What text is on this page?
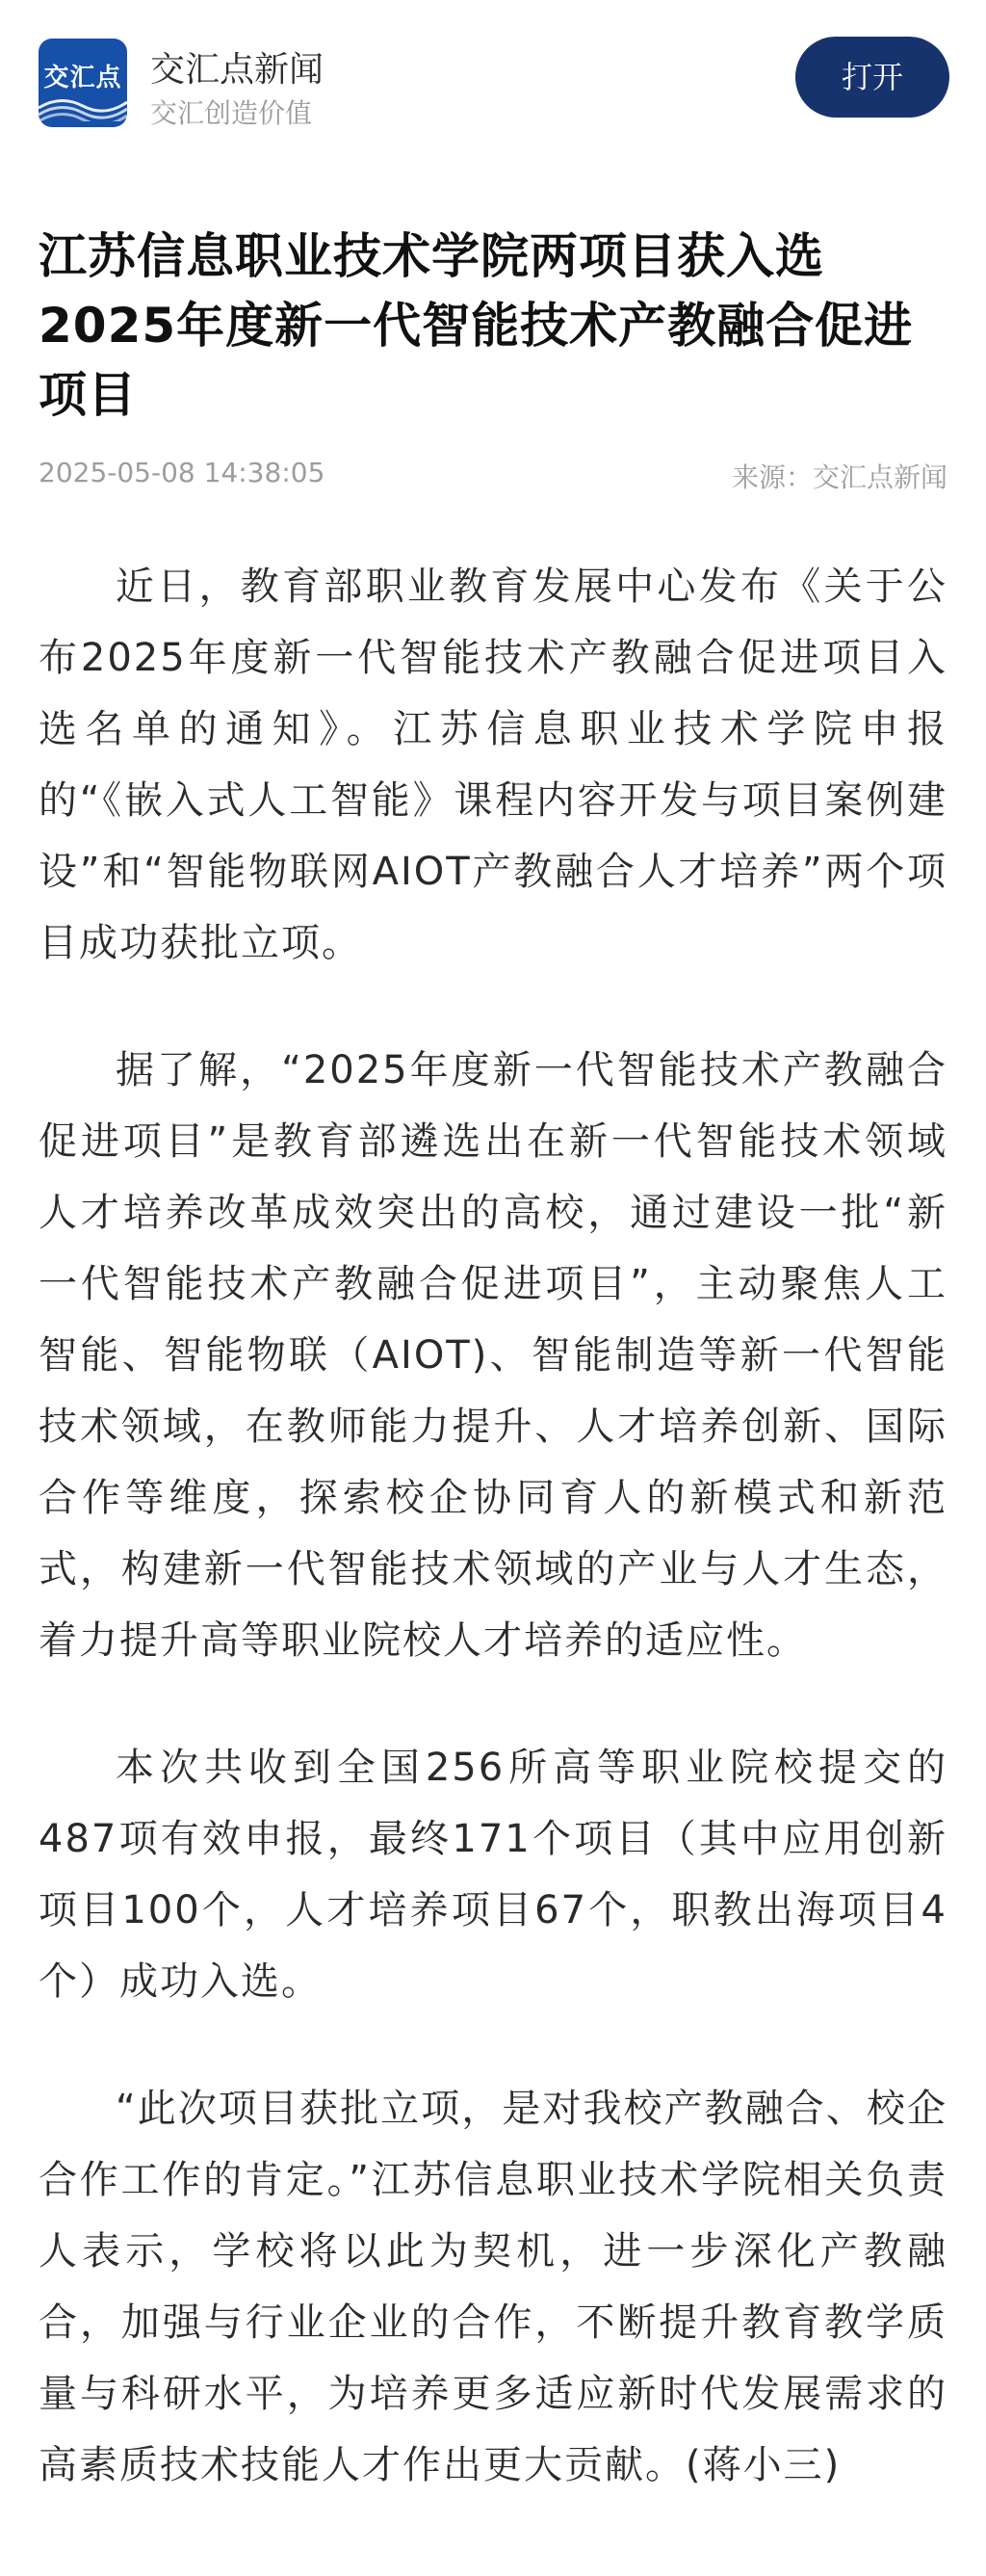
交汇点 交汇点新闻
交汇创造价值
打开
江苏信息职业技术学院两项目获入选2025年度新一代智能技术产教融合促进项目
2025-05-08 14:38:05	来源：交汇点新闻

近日，教育部职业教育发展中心发布《关于公布2025年度新一代智能技术产教融合促进项目入选名单的通知》。江苏信息职业技术学院申报的“《嵌入式人工智能》课程内容开发与项目案例建设”和“智能物联网AIOT产教融合人才培养”两个项目成功获批立项。

据了解，“2025年度新一代智能技术产教融合促进项目”是教育部遴选出在新一代智能技术领域人才培养改革成效突出的高校，通过建设一批“新一代智能技术产教融合促进项目”，主动聚焦人工智能、智能物联（AIOT)、智能制造等新一代智能技术领域，在教师能力提升、人才培养创新、国际合作等维度，探索校企协同育人的新模式和新范式，构建新一代智能技术领域的产业与人才生态，着力提升高等职业院校人才培养的适应性。

本次共收到全国256所高等职业院校提交的487项有效申报，最终171个项目（其中应用创新项目100个，人才培养项目67个，职教出海项目4个）成功入选。

“此次项目获批立项，是对我校产教融合、校企合作工作的肯定。”江苏信息职业技术学院相关负责人表示，学校将以此为契机，进一步深化产教融合，加强与行业企业的合作，不断提升教育教学质量与科研水平，为培养更多适应新时代发展需求的高素质技术技能人才作出更大贡献。(蒋小三)
